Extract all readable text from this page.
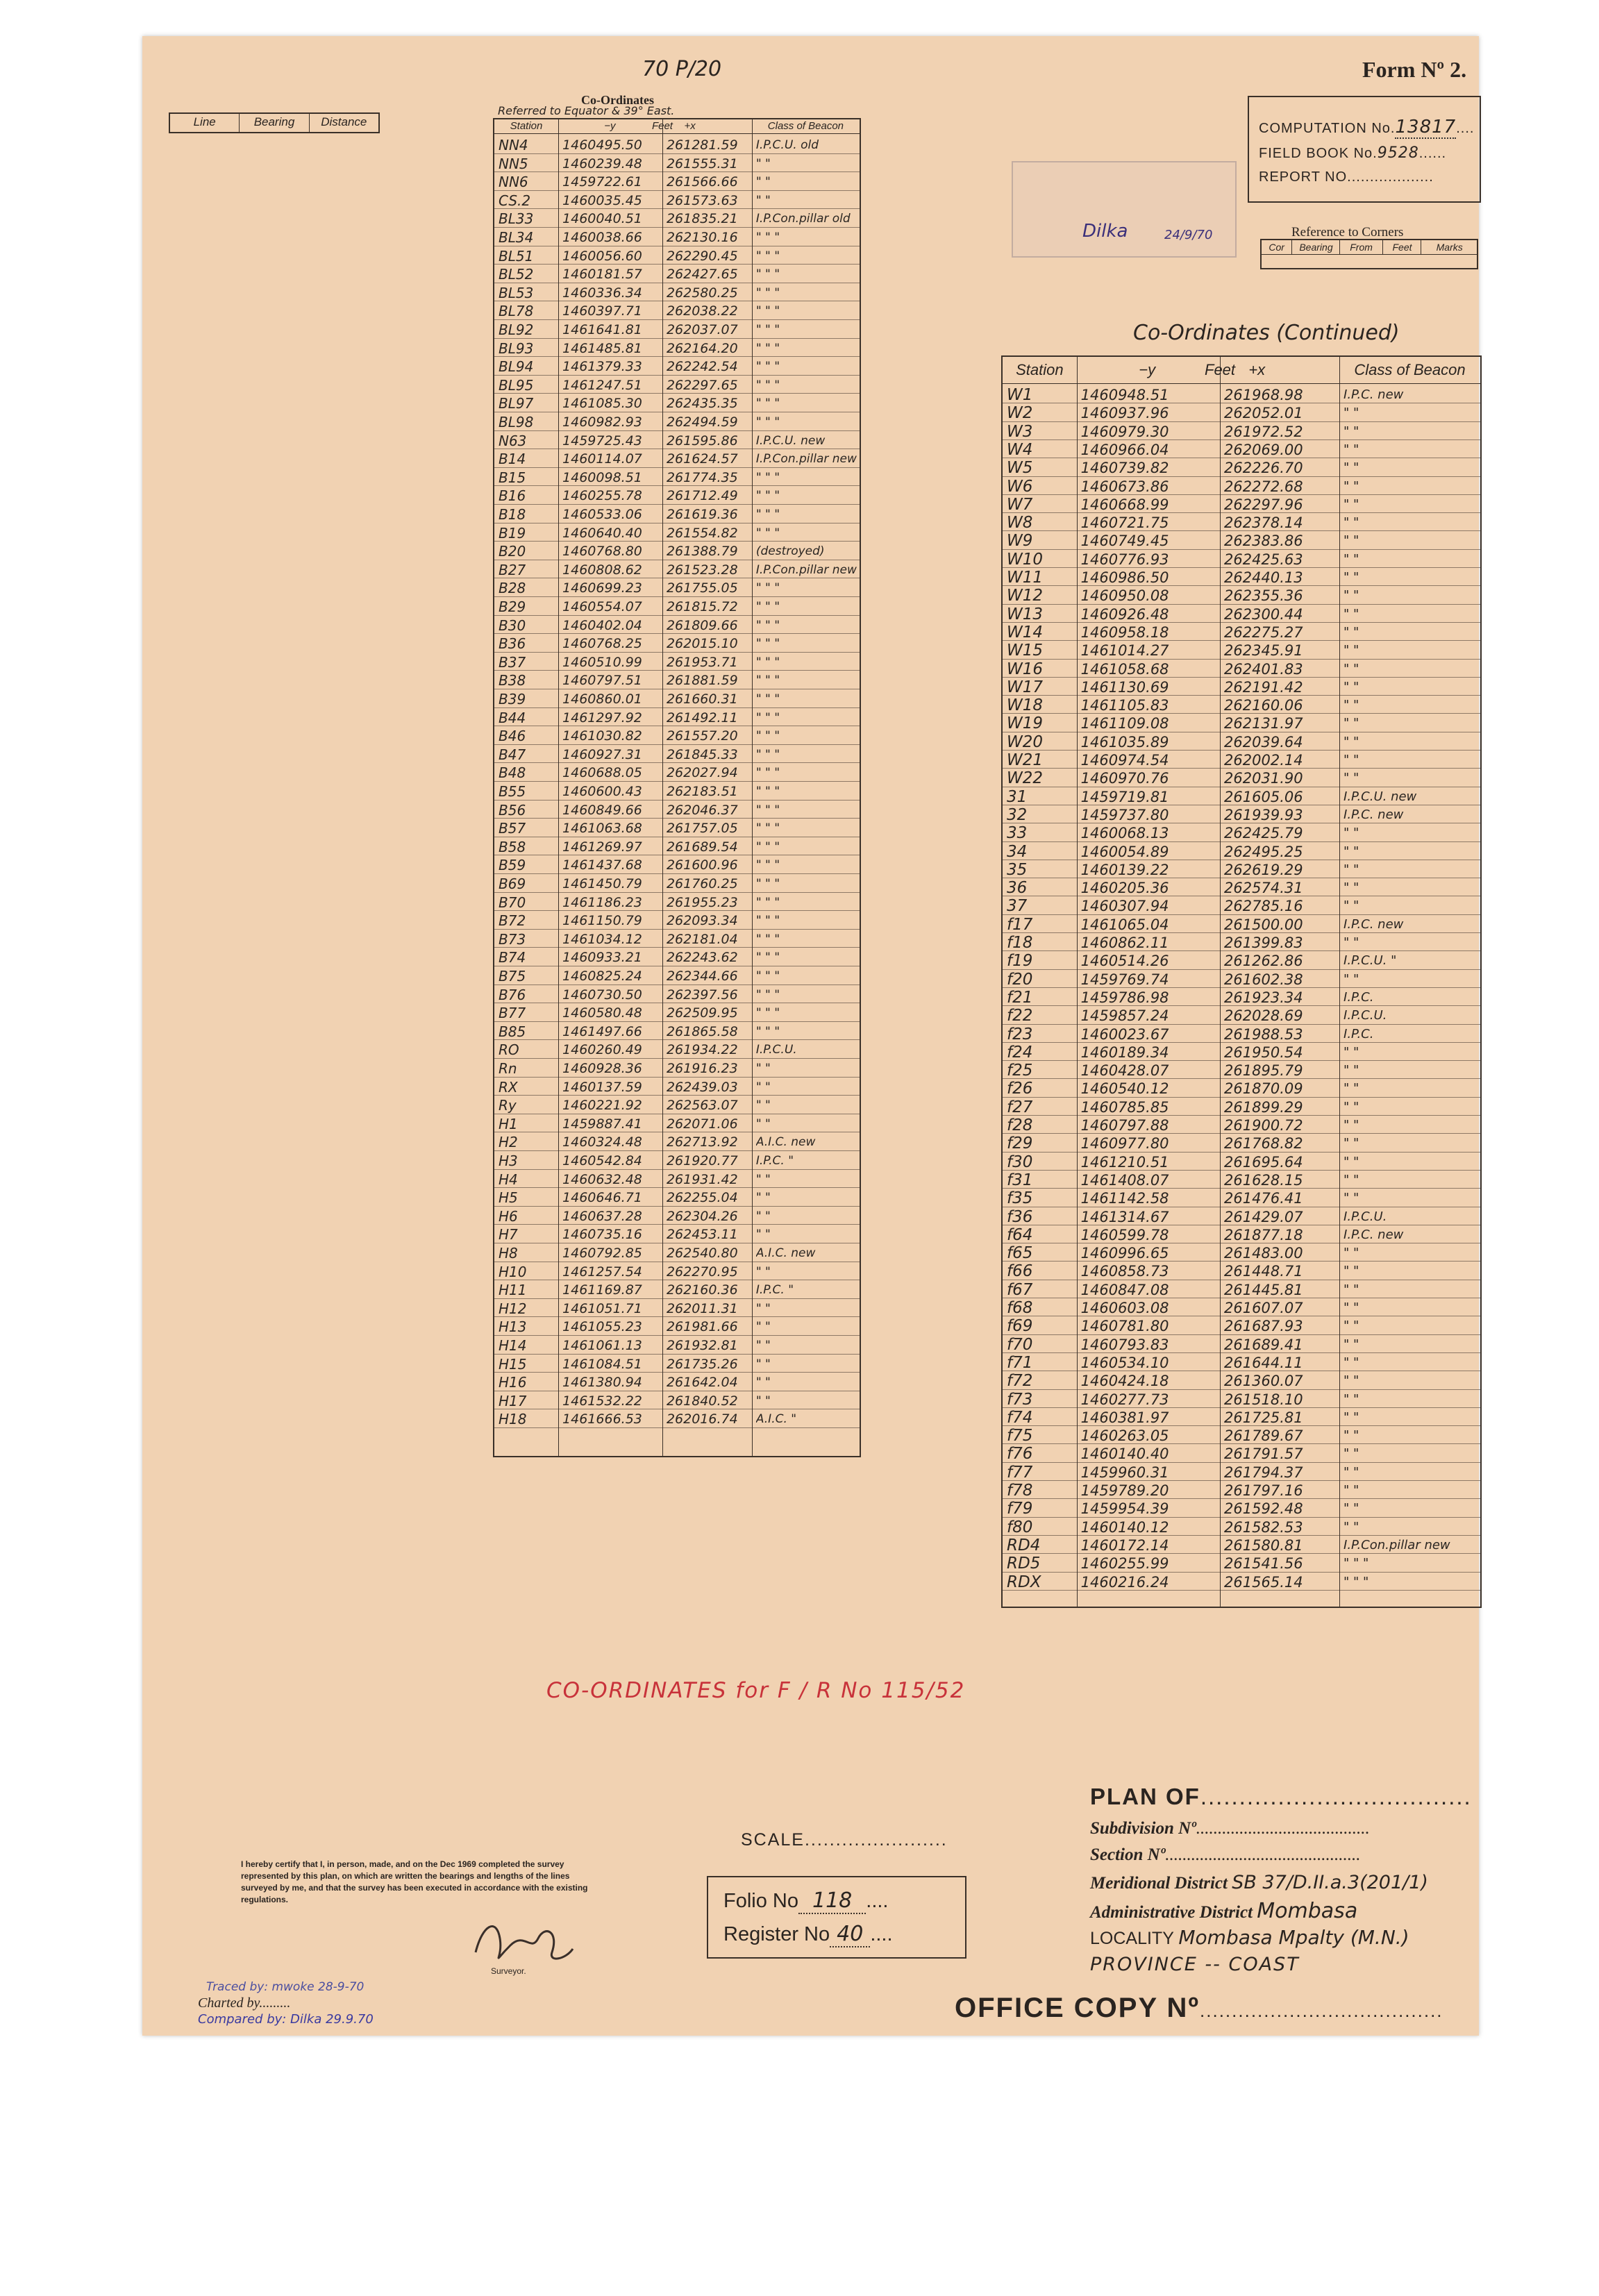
70 P/20	Form Nº 2.
Line	Bearing	Distance
Co-Ordinates
Referred to Equator & 39° East.
Station	−y	Feet	+x	Class of Beacon
NN4	1460495.50	261281.59	I.P.C.U. old
NN5	1460239.48	261555.31	" "
NN6	1459722.61	261566.66	" "
CS.2	1460035.45	261573.63	" "
BL33	1460040.51	261835.21	I.P.Con.pillar old
BL34	1460038.66	262130.16	" " "
BL51	1460056.60	262290.45	" " "
BL52	1460181.57	262427.65	" " "
BL53	1460336.34	262580.25	" " "
BL78	1460397.71	262038.22	" " "
BL92	1461641.81	262037.07	" " "
BL93	1461485.81	262164.20	" " "
BL94	1461379.33	262242.54	" " "
BL95	1461247.51	262297.65	" " "
BL97	1461085.30	262435.35	" " "
BL98	1460982.93	262494.59	" " "
N63	1459725.43	261595.86	I.P.C.U. new
B14	1460114.07	261624.57	I.P.Con.pillar new
B15	1460098.51	261774.35	" " "
B16	1460255.78	261712.49	" " "
B18	1460533.06	261619.36	" " "
B19	1460640.40	261554.82	" " "
B20	1460768.80	261388.79	(destroyed)
B27	1460808.62	261523.28	I.P.Con.pillar new
B28	1460699.23	261755.05	" " "
B29	1460554.07	261815.72	" " "
B30	1460402.04	261809.66	" " "
B36	1460768.25	262015.10	" " "
B37	1460510.99	261953.71	" " "
B38	1460797.51	261881.59	" " "
B39	1460860.01	261660.31	" " "
B44	1461297.92	261492.11	" " "
B46	1461030.82	261557.20	" " "
B47	1460927.31	261845.33	" " "
B48	1460688.05	262027.94	" " "
B55	1460600.43	262183.51	" " "
B56	1460849.66	262046.37	" " "
B57	1461063.68	261757.05	" " "
B58	1461269.97	261689.54	" " "
B59	1461437.68	261600.96	" " "
B69	1461450.79	261760.25	" " "
B70	1461186.23	261955.23	" " "
B72	1461150.79	262093.34	" " "
B73	1461034.12	262181.04	" " "
B74	1460933.21	262243.62	" " "
B75	1460825.24	262344.66	" " "
B76	1460730.50	262397.56	" " "
B77	1460580.48	262509.95	" " "
B85	1461497.66	261865.58	" " "
RO	1460260.49	261934.22	I.P.C.U.
Rn	1460928.36	261916.23	" "
RX	1460137.59	262439.03	" "
Ry	1460221.92	262563.07	" "
H1	1459887.41	262071.06	" "
H2	1460324.48	262713.92	A.I.C. new
H3	1460542.84	261920.77	I.P.C. "
H4	1460632.48	261931.42	" "
H5	1460646.71	262255.04	" "
H6	1460637.28	262304.26	" "
H7	1460735.16	262453.11	" "
H8	1460792.85	262540.80	A.I.C. new
H10	1461257.54	262270.95	" "
H11	1461169.87	262160.36	I.P.C. "
H12	1461051.71	262011.31	" "
H13	1461055.23	261981.66	" "
H14	1461061.13	261932.81	" "
H15	1461084.51	261735.26	" "
H16	1461380.94	261642.04	" "
H17	1461532.22	261840.52	" "
H18	1461666.53	262016.74	A.I.C. "
COMPUTATION No.13817....
FIELD BOOK No.9528......
REPORT NO...................
Dilka	24/9/70	Reference to Corners
Cor	Bearing	From	Feet	Marks
Co-Ordinates (Continued)
Station	−y	Feet +x	Class of Beacon
W1	1460948.51	261968.98	I.P.C. new
W2	1460937.96	262052.01	" "
W3	1460979.30	261972.52	" "
W4	1460966.04	262069.00	" "
W5	1460739.82	262226.70	" "
W6	1460673.86	262272.68	" "
W7	1460668.99	262297.96	" "
W8	1460721.75	262378.14	" "
W9	1460749.45	262383.86	" "
W10	1460776.93	262425.63	" "
W11	1460986.50	262440.13	" "
W12	1460950.08	262355.36	" "
W13	1460926.48	262300.44	" "
W14	1460958.18	262275.27	" "
W15	1461014.27	262345.91	" "
W16	1461058.68	262401.83	" "
W17	1461130.69	262191.42	" "
W18	1461105.83	262160.06	" "
W19	1461109.08	262131.97	" "
W20	1461035.89	262039.64	" "
W21	1460974.54	262002.14	" "
W22	1460970.76	262031.90	" "
31	1459719.81	261605.06	I.P.C.U. new
32	1459737.80	261939.93	I.P.C. new
33	1460068.13	262425.79	" "
34	1460054.89	262495.25	" "
35	1460139.22	262619.29	" "
36	1460205.36	262574.31	" "
37	1460307.94	262785.16	" "
f17	1461065.04	261500.00	I.P.C. new
f18	1460862.11	261399.83	" "
f19	1460514.26	261262.86	I.P.C.U. "
f20	1459769.74	261602.38	" "
f21	1459786.98	261923.34	I.P.C.
f22	1459857.24	262028.69	I.P.C.U.
f23	1460023.67	261988.53	I.P.C.
f24	1460189.34	261950.54	" "
f25	1460428.07	261895.79	" "
f26	1460540.12	261870.09	" "
f27	1460785.85	261899.29	" "
f28	1460797.88	261900.72	" "
f29	1460977.80	261768.82	" "
f30	1461210.51	261695.64	" "
f31	1461408.07	261628.15	" "
f35	1461142.58	261476.41	" "
f36	1461314.67	261429.07	I.P.C.U.
f64	1460599.78	261877.18	I.P.C. new
f65	1460996.65	261483.00	" "
f66	1460858.73	261448.71	" "
f67	1460847.08	261445.81	" "
f68	1460603.08	261607.07	" "
f69	1460781.80	261687.93	" "
f70	1460793.83	261689.41	" "
f71	1460534.10	261644.11	" "
f72	1460424.18	261360.07	" "
f73	1460277.73	261518.10	" "
f74	1460381.97	261725.81	" "
f75	1460263.05	261789.67	" "
f76	1460140.40	261791.57	" "
f77	1459960.31	261794.37	" "
f78	1459789.20	261797.16	" "
f79	1459954.39	261592.48	" "
f80	1460140.12	261582.53	" "
RD4	1460172.14	261580.81	I.P.Con.pillar new
RD5	1460255.99	261541.56	" " "
RDX	1460216.24	261565.14	" " "
CO-ORDINATES for F / R No 115/52
PLAN OF...................................
Subdivision Nº........................................
Section Nº.............................................
Meridional District SB 37/D.II.a.3(201/1)
Administrative District Mombasa
LOCALITY Mombasa Mpalty (M.N.)
PROVINCE -- COAST
OFFICE COPY Nº......................................
SCALE.......................
Folio No 118 ....
Register No 40 ....
I hereby certify that I, in person, made, and on the Dec 1969 completed the survey represented by this plan, on which are written the bearings and lengths of the lines surveyed by me, and that the survey has been executed in accordance with the existing regulations.
Surveyor.
Traced by: mwoke 28-9-70
Charted by.........
Compared by: Dilka 29.9.70
